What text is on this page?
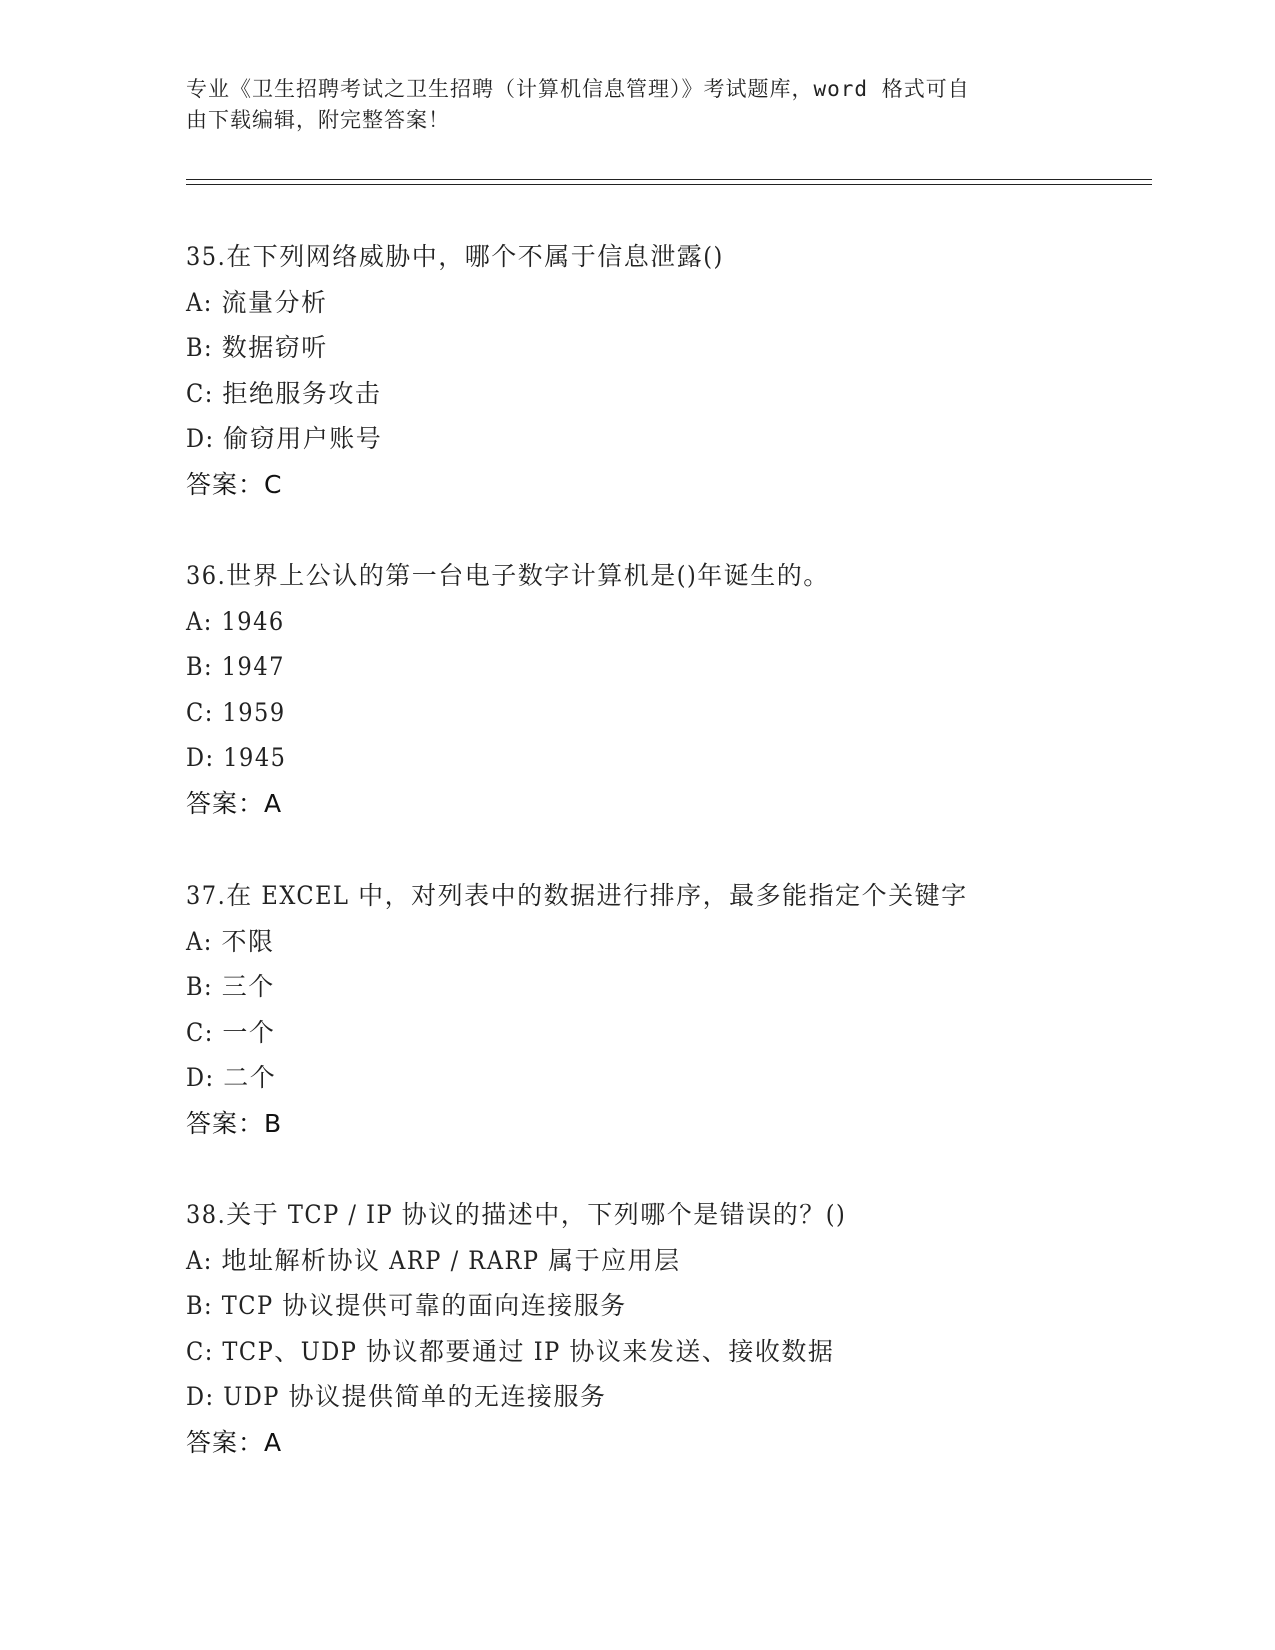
专业《卫生招聘考试之卫生招聘（计算机信息管理）》考试题库，word 格式可自
由下载编辑，附完整答案！
35.在下列网络威胁中，哪个不属于信息泄露()
A: 流量分析
B: 数据窃听
C: 拒绝服务攻击
D: 偷窃用户账号
答案：C
36.世界上公认的第一台电子数字计算机是()年诞生的。
A: 1946
B: 1947
C: 1959
D: 1945
答案：A
37.在 EXCEL 中，对列表中的数据进行排序，最多能指定个关键字
A: 不限
B: 三个
C: 一个
D: 二个
答案：B
38.关于 TCP / IP 协议的描述中，下列哪个是错误的？()
A: 地址解析协议 ARP / RARP 属于应用层
B: TCP 协议提供可靠的面向连接服务
C: TCP、UDP 协议都要通过 IP 协议来发送、接收数据
D: UDP 协议提供简单的无连接服务
答案：A
